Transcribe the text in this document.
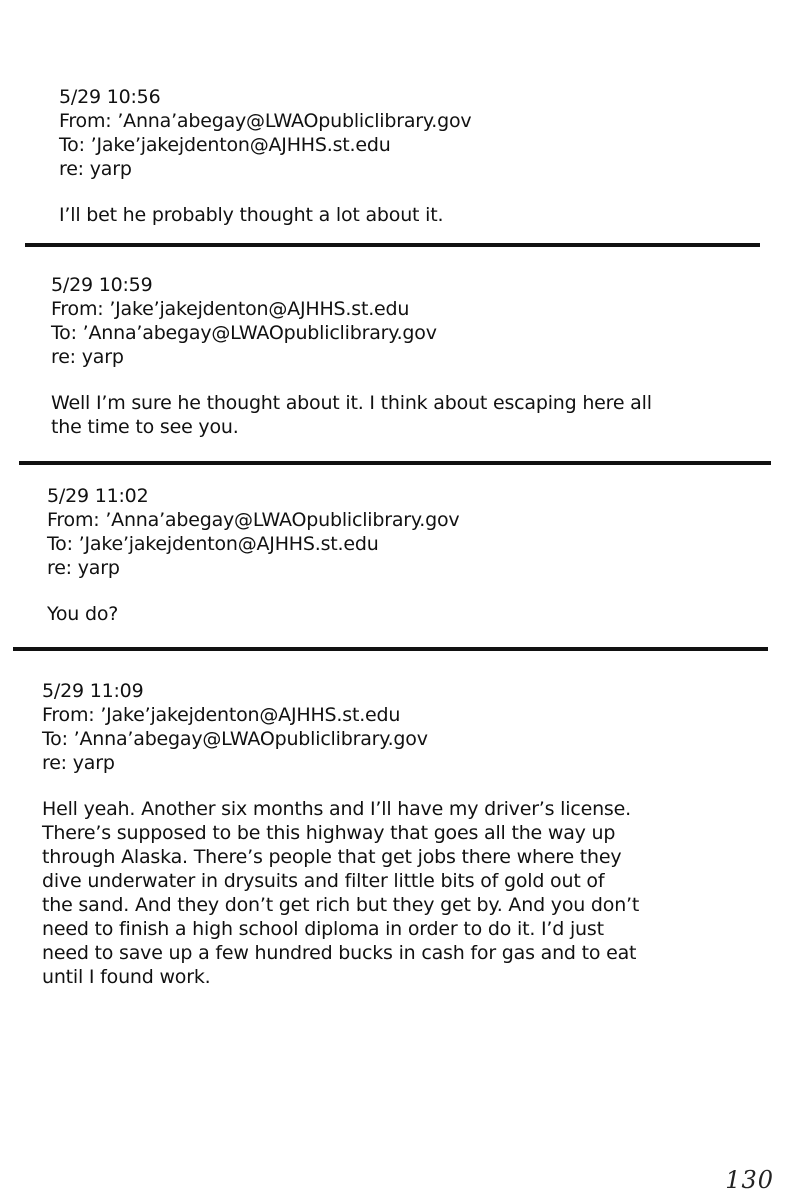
5/29 10:56
From: ’Anna’abegay@LWAOpubliclibrary.gov
To: ’Jake’jakejdenton@AJHHS.st.edu
re: yarp
I’ll bet he probably thought a lot about it.
5/29 10:59
From: ’Jake’jakejdenton@AJHHS.st.edu
To: ’Anna’abegay@LWAOpubliclibrary.gov
re: yarp
Well I’m sure he thought about it. I think about escaping here all
the time to see you.
5/29 11:02
From: ’Anna’abegay@LWAOpubliclibrary.gov
To: ’Jake’jakejdenton@AJHHS.st.edu
re: yarp
You do?
5/29 11:09
From: ’Jake’jakejdenton@AJHHS.st.edu
To: ’Anna’abegay@LWAOpubliclibrary.gov
re: yarp
Hell yeah. Another six months and I’ll have my driver’s license.
There’s supposed to be this highway that goes all the way up
through Alaska. There’s people that get jobs there where they
dive underwater in drysuits and filter little bits of gold out of
the sand. And they don’t get rich but they get by. And you don’t
need to finish a high school diploma in order to do it. I’d just
need to save up a few hundred bucks in cash for gas and to eat
until I found work.
130
